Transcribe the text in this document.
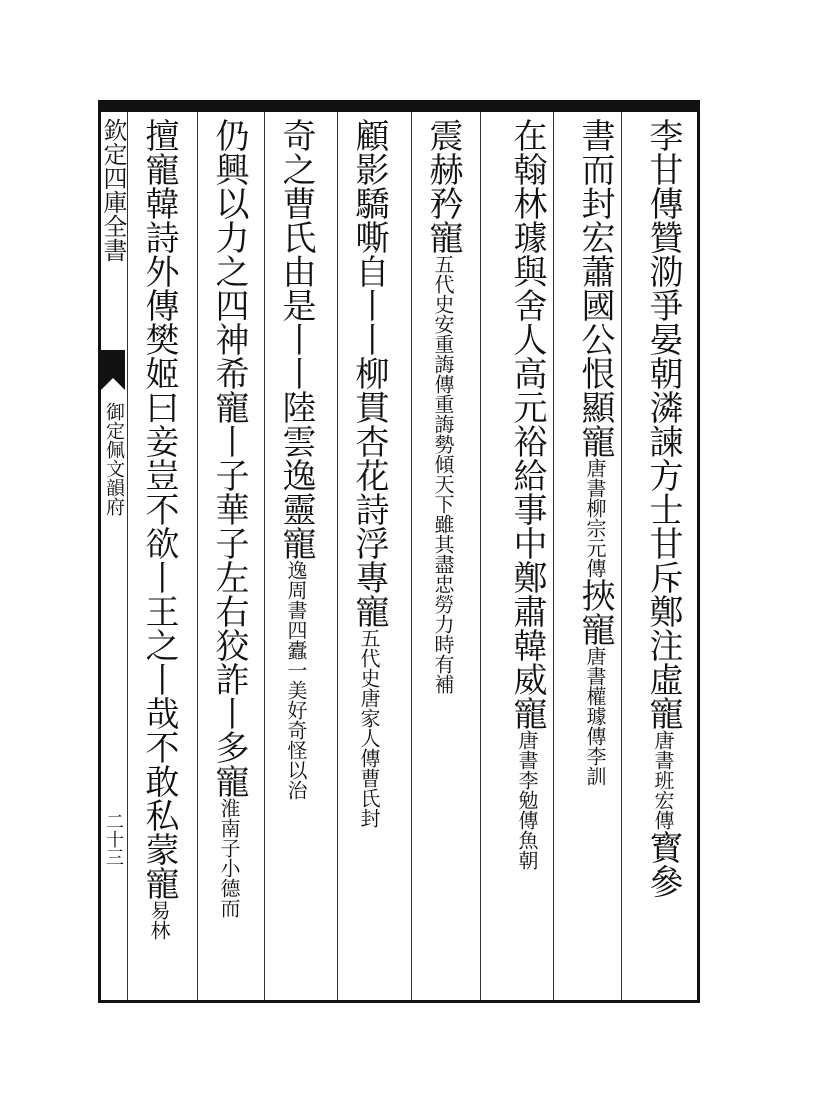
欽定四庫全書
御定佩文韻府
二十三
李甘傳贊泐爭晏朝潾諫方士甘斥鄭注虛寵唐書班宏傳寳參

書而封宏蕭國公恨顯寵唐書柳宗元傳挾寵唐書權璩傳李訓

在翰林璩與舍人高元裕給事中鄭肅韓威寵唐書李勉傳魚朝

震赫矜寵五代史安重誨傳重誨勢傾天下雖其盡忠勞力時有補

顧影驕嘶自丨丨柳貫杏花詩浮專寵五代史唐家人傳曹氏封

奇之曹氏由是丨丨陸雲逸靈寵逸周書四蠹一美好奇怪以治

仍興以力之四神希寵丨子華子左右狡詐丨多寵淮南子小德而

擅寵韓詩外傳樊姬曰妾豈不欲丨王之丨哉不敢私蒙寵易林
